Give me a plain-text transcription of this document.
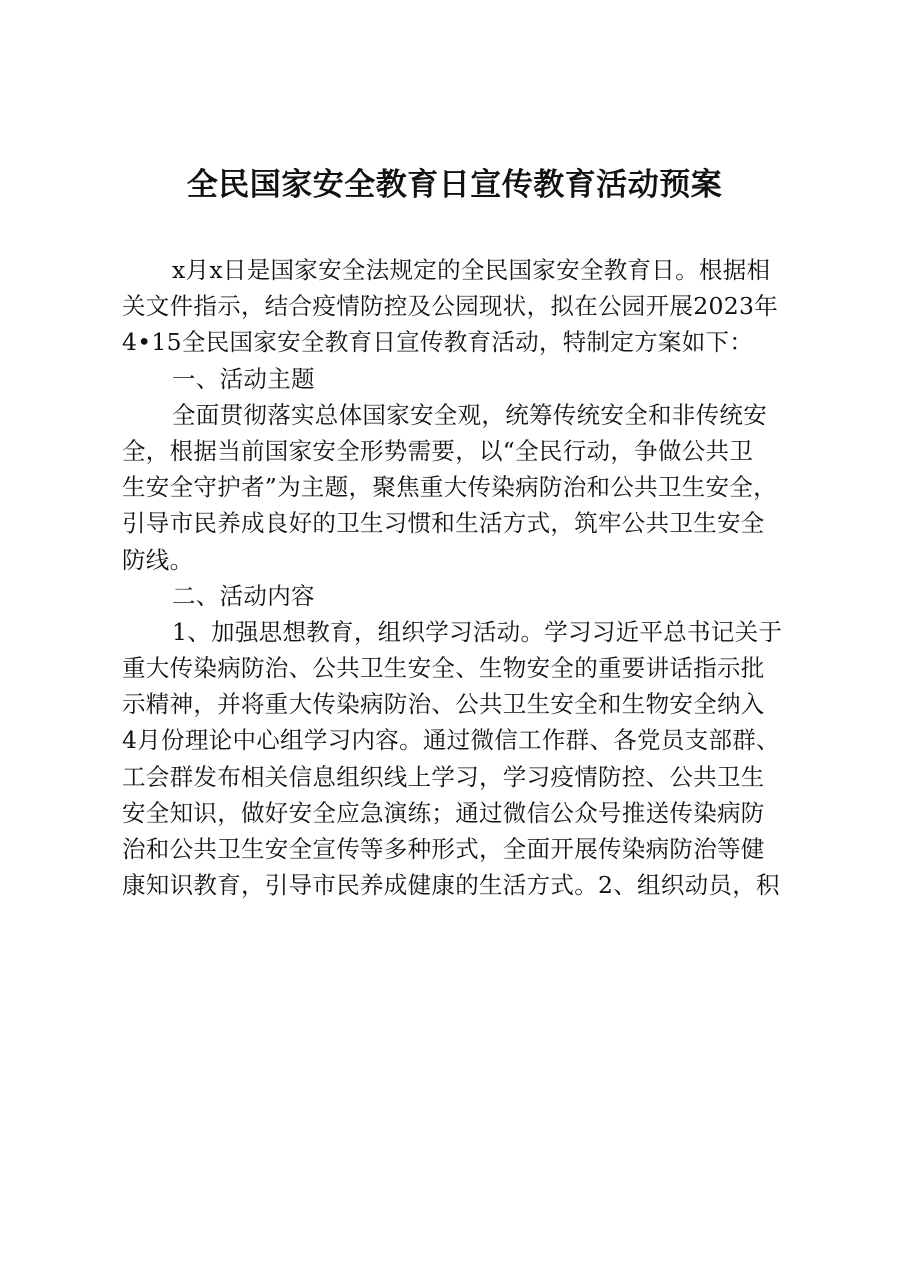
全民国家安全教育日宣传教育活动预案
x月x日是国家安全法规定的全民国家安全教育日。根据相
关文件指示，结合疫情防控及公园现状，拟在公园开展2023年
4•15全民国家安全教育日宣传教育活动，特制定方案如下：
一、活动主题
全面贯彻落实总体国家安全观，统筹传统安全和非传统安
全，根据当前国家安全形势需要，以“全民行动，争做公共卫
生安全守护者”为主题，聚焦重大传染病防治和公共卫生安全，
引导市民养成良好的卫生习惯和生活方式，筑牢公共卫生安全
防线。
二、活动内容
1、加强思想教育，组织学习活动。学习习近平总书记关于
重大传染病防治、公共卫生安全、生物安全的重要讲话指示批
示精神，并将重大传染病防治、公共卫生安全和生物安全纳入
4月份理论中心组学习内容。通过微信工作群、各党员支部群、
工会群发布相关信息组织线上学习，学习疫情防控、公共卫生
安全知识，做好安全应急演练；通过微信公众号推送传染病防
治和公共卫生安全宣传等多种形式，全面开展传染病防治等健
康知识教育，引导市民养成健康的生活方式。2、组织动员，积
